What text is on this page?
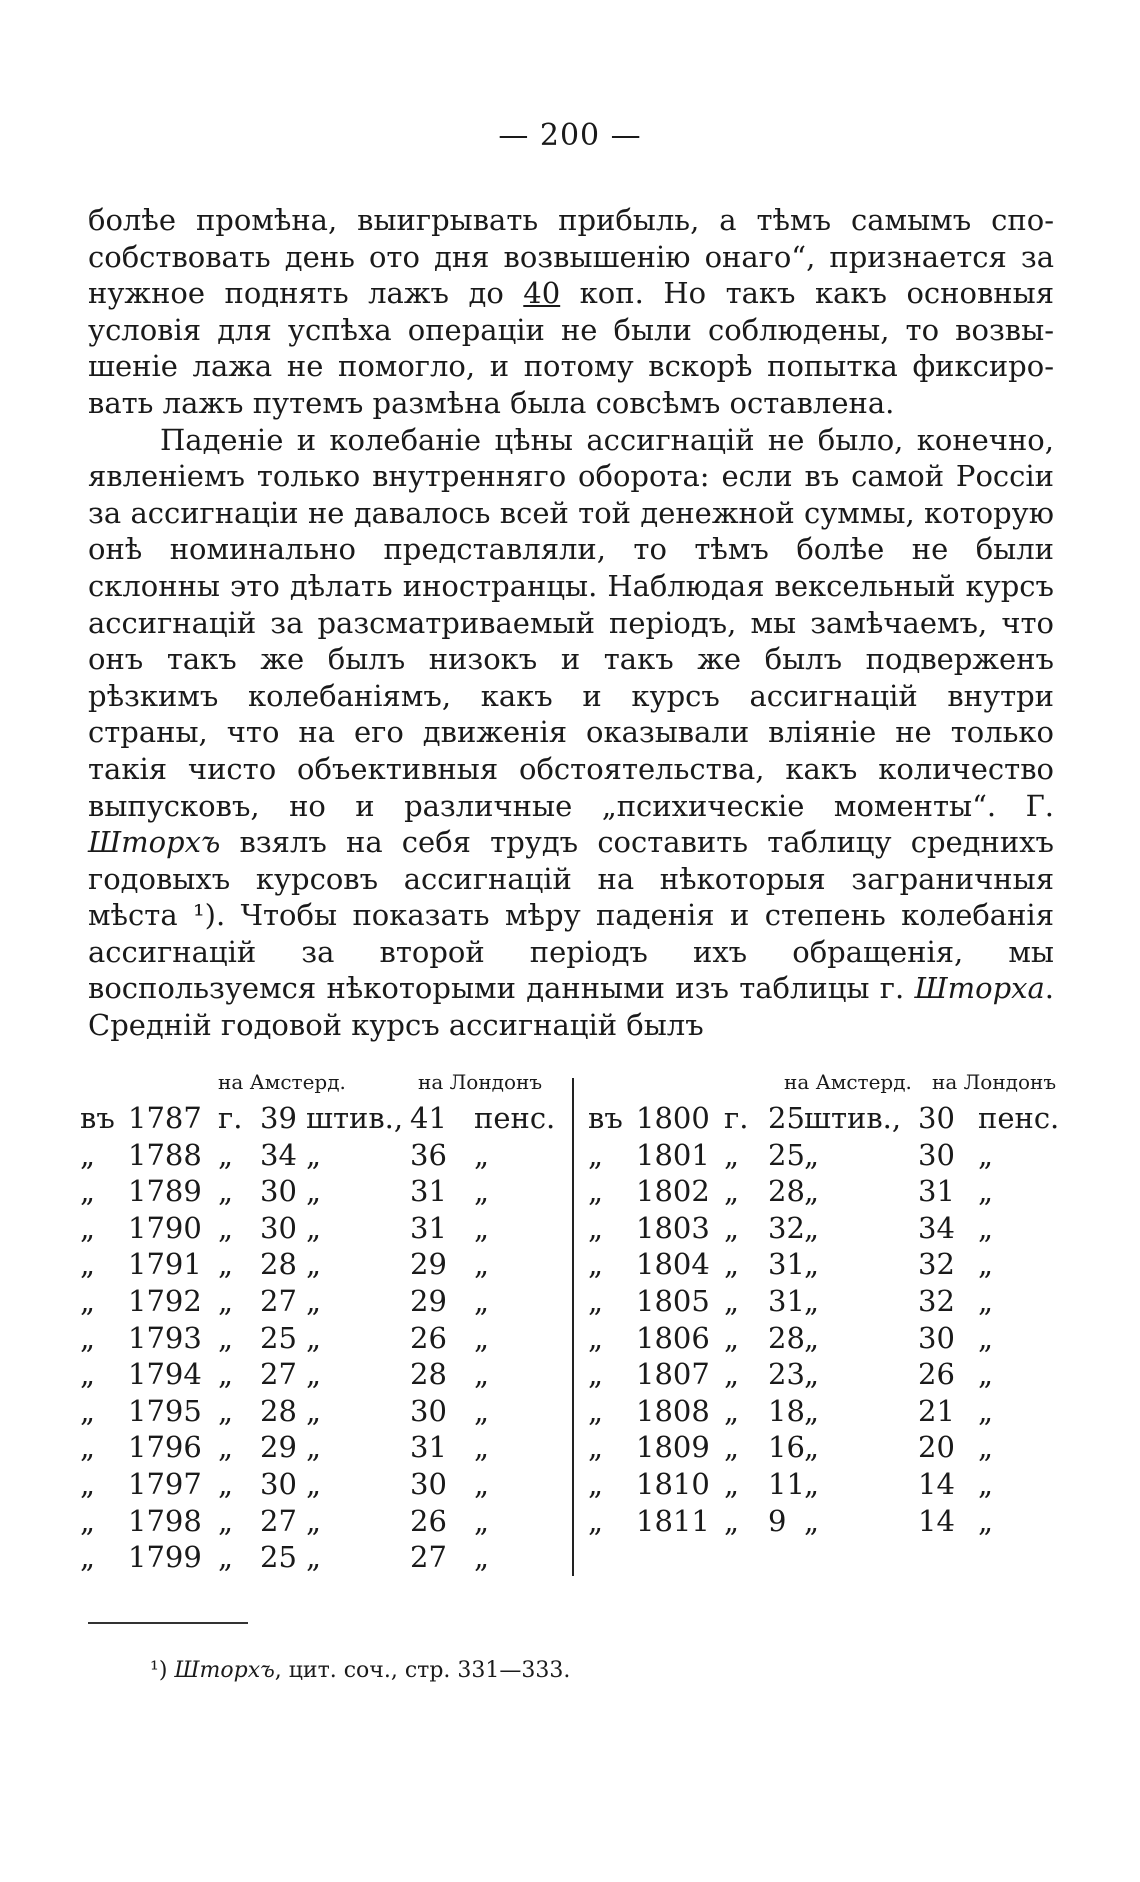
— 200 —

болѣе промѣна, выигрывать прибыль, а тѣмъ самымъ способствовать день ото дня возвышенію онаго“, признается за нужное поднять лажъ до 40 коп. Но такъ какъ основныя условія для успѣха операціи не были соблюдены, то возвышеніе лажа не помогло, и потому вскорѣ попытка фиксировать лажъ путемъ размѣна была совсѣмъ оставлена.

Паденіе и колебаніе цѣны ассигнацій не было, конечно, явленіемъ только внутренняго оборота: если въ самой Россіи за ассигнаціи не давалось всей той денежной суммы, которую онѣ номинально представляли, то тѣмъ болѣе не были склонны это дѣлать иностранцы. Наблюдая вексельный курсъ ассигнацій за разсматриваемый періодъ, мы замѣчаемъ, что онъ такъ же былъ низокъ и такъ же былъ подверженъ рѣзкимъ колебаніямъ, какъ и курсъ ассигнацій внутри страны, что на его движенія оказывали вліяніе не только такія чисто объективныя обстоятельства, какъ количество выпусковъ, но и различные „психическіе моменты“. Г. Шторхъ взялъ на себя трудъ составить таблицу среднихъ годовыхъ курсовъ ассигнацій на нѣкоторыя заграничныя мѣста ¹). Чтобы показать мѣру паденія и степень колебанія ассигнацій за второй періодъ ихъ обращенія, мы воспользуемся нѣкоторыми данными изъ таблицы г. Шторха. Средній годовой курсъ ассигнацій былъ

на Амстерд.	на Лондонъ
въ 1787 г. 39 штив., 41 пенс.
„ 1788 „ 34 „	36 „
„ 1789 „ 30 „	31 „
„ 1790 „ 30 „	31 „
„ 1791 „ 28 „	29 „
„ 1792 „ 27 „	29 „
„ 1793 „ 25 „	26 „
„ 1794 „ 27 „	28 „
„ 1795 „ 28 „	30 „
„ 1796 „ 29 „	31 „
„ 1797 „ 30 „	30 „
„ 1798 „ 27 „	26 „
„ 1799 „ 25 „	27 „
на Амстерд. на Лондонъ
въ 1800 г. 25 штив., 30 пенс.
„ 1801 „ 25 „	30 „
„ 1802 „ 28 „	31 „
„ 1803 „ 32 „	34 „
„ 1804 „ 31 „	32 „
„ 1805 „ 31 „	32 „
„ 1806 „ 28 „	30 „
„ 1807 „ 23 „	26 „
„ 1808 „ 18 „	21 „
„ 1809 „ 16 „	20 „
„ 1810 „ 11 „	14 „
„ 1811 „ 9 „	14 „
¹) Шторхъ, цит. соч., стр. 331—333.
